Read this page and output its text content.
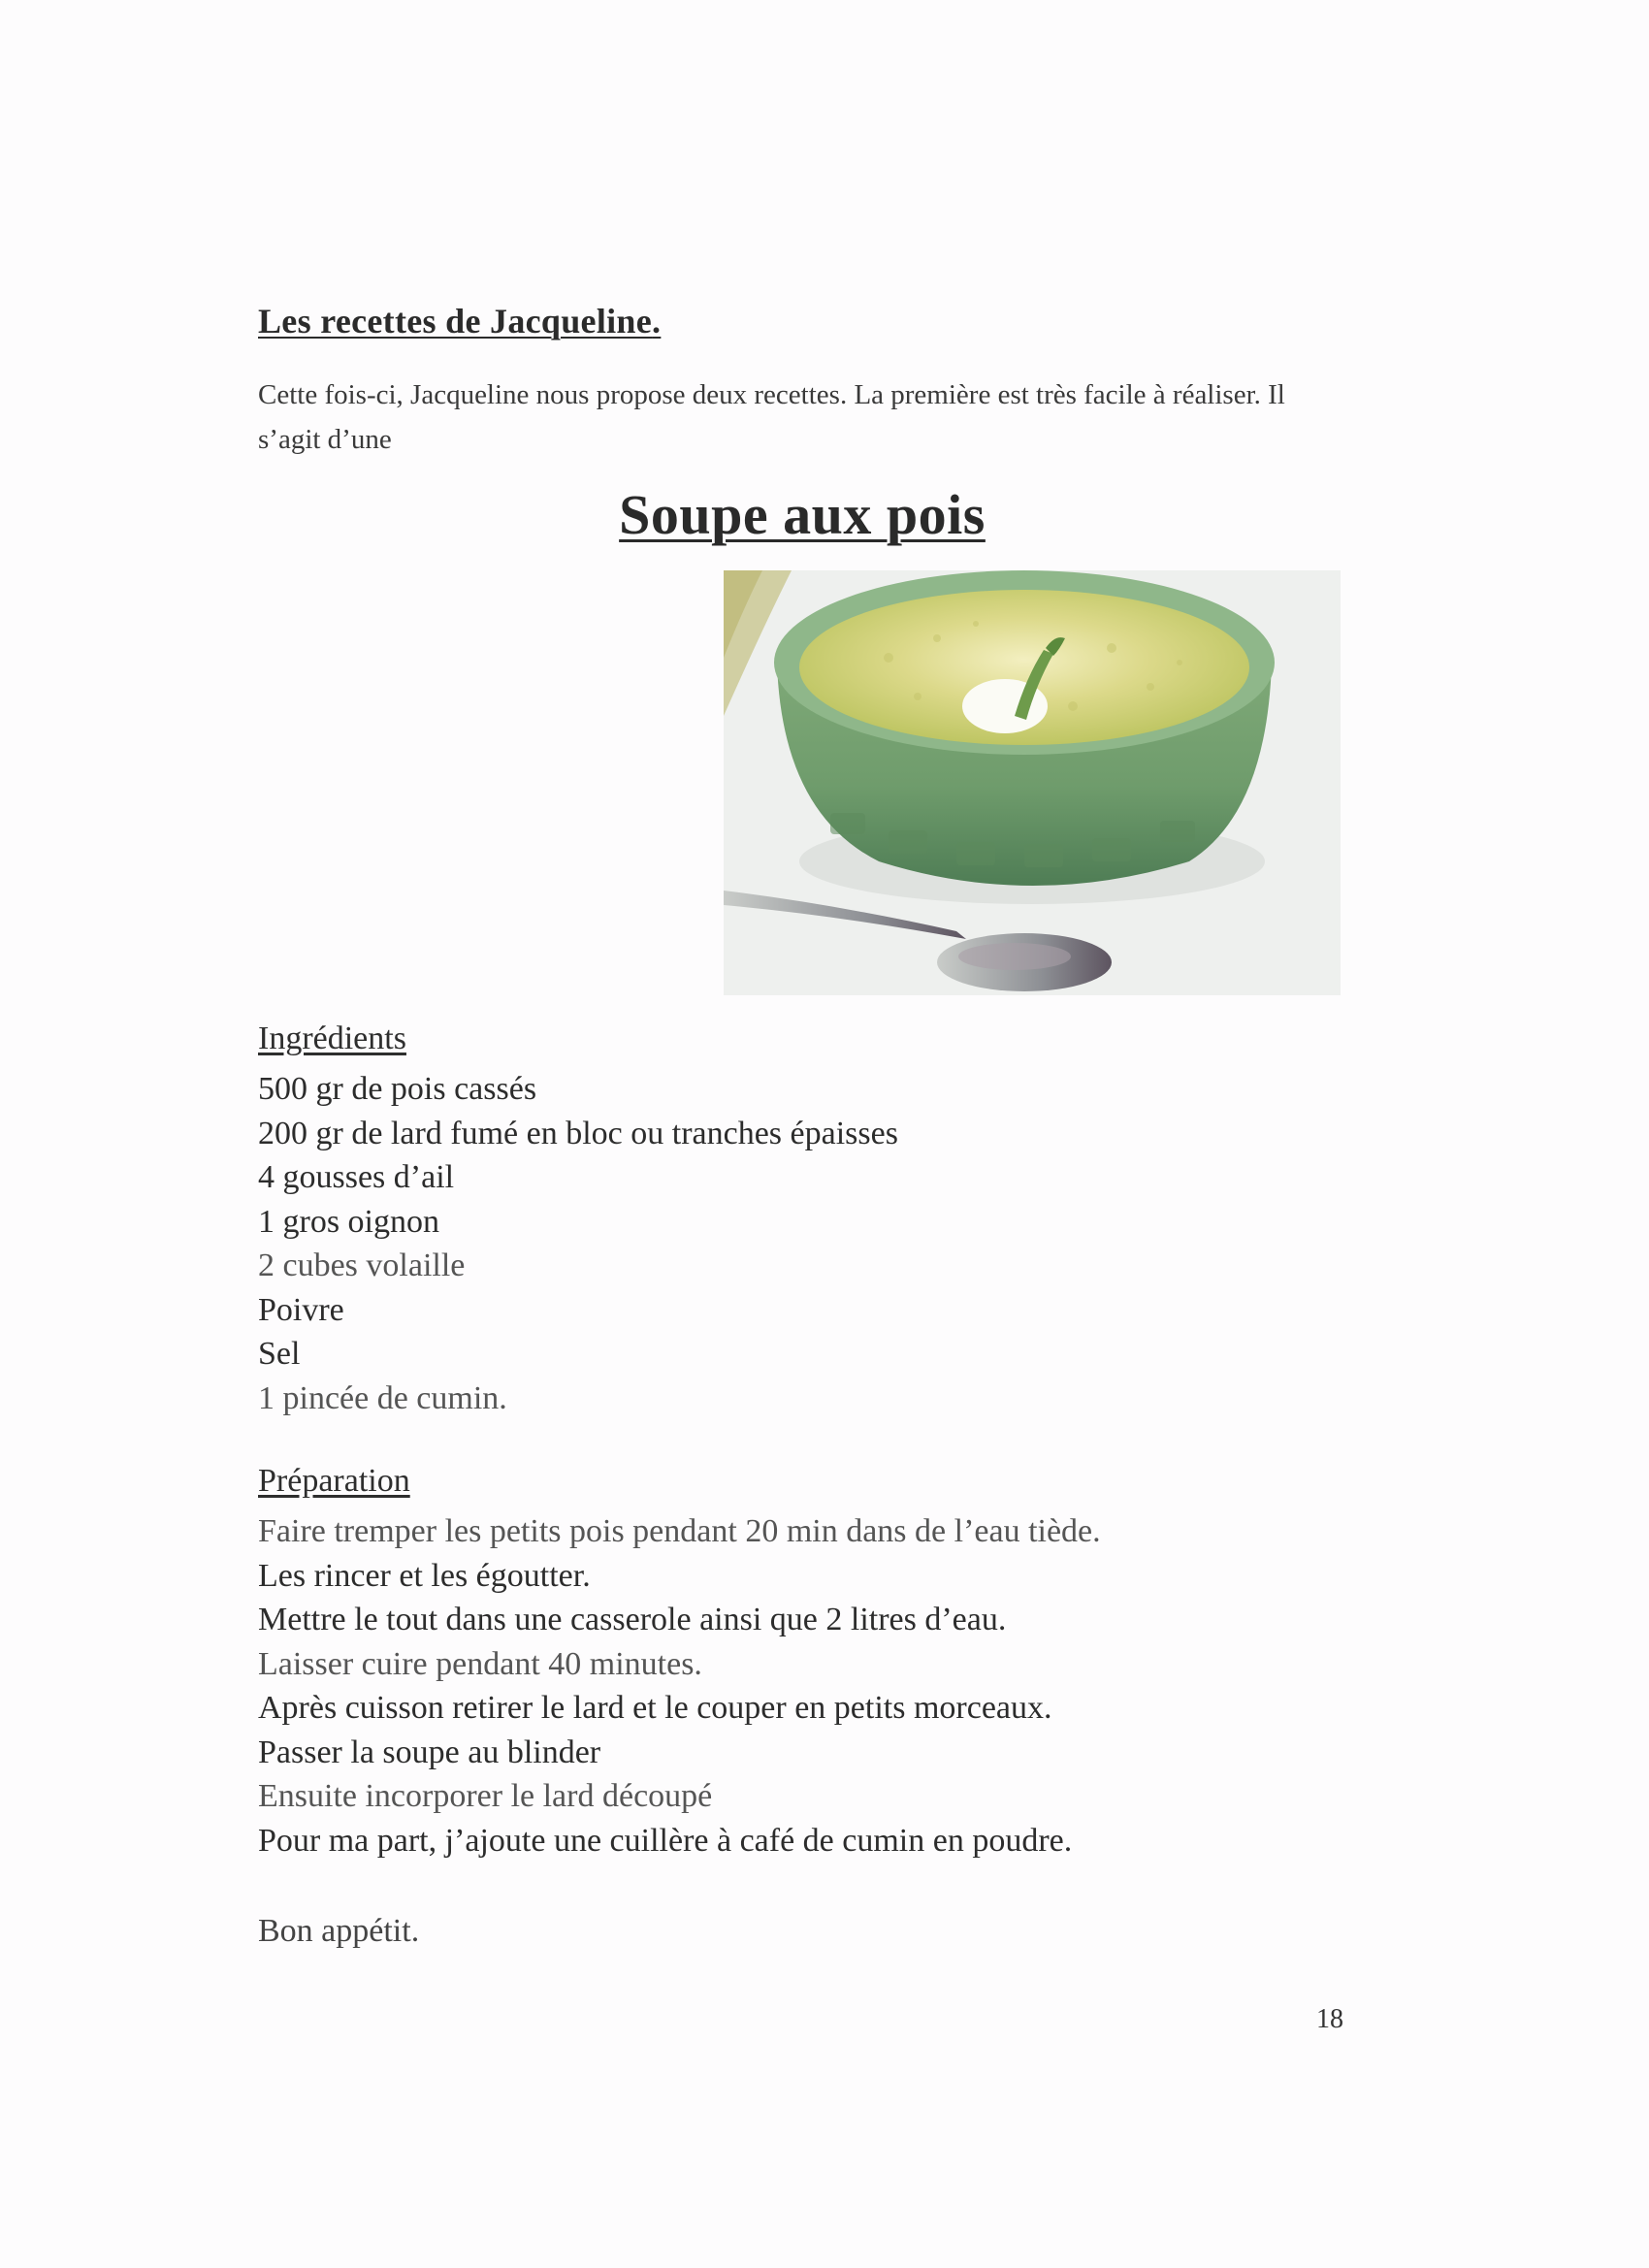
Les recettes de Jacqueline.
Cette fois-ci, Jacqueline nous propose deux recettes. La première est très facile à réaliser. Il s’agit d’une
Soupe aux pois
Ingrédients
500 gr de pois cassés
200 gr de lard fumé en bloc ou tranches épaisses
4 gousses d’ail
1 gros oignon
2 cubes volaille
Poivre
Sel
1 pincée de cumin.
Préparation
Faire tremper les petits pois pendant 20 min dans de l’eau tiède.
Les rincer et les égoutter.
Mettre le tout dans une casserole ainsi que 2 litres d’eau.
Laisser cuire pendant 40 minutes.
Après cuisson retirer le lard et le couper en petits morceaux.
Passer la soupe au blinder
Ensuite incorporer le lard découpé
Pour ma part, j’ajoute une cuillère à café de cumin en poudre.
Bon appétit.
18
